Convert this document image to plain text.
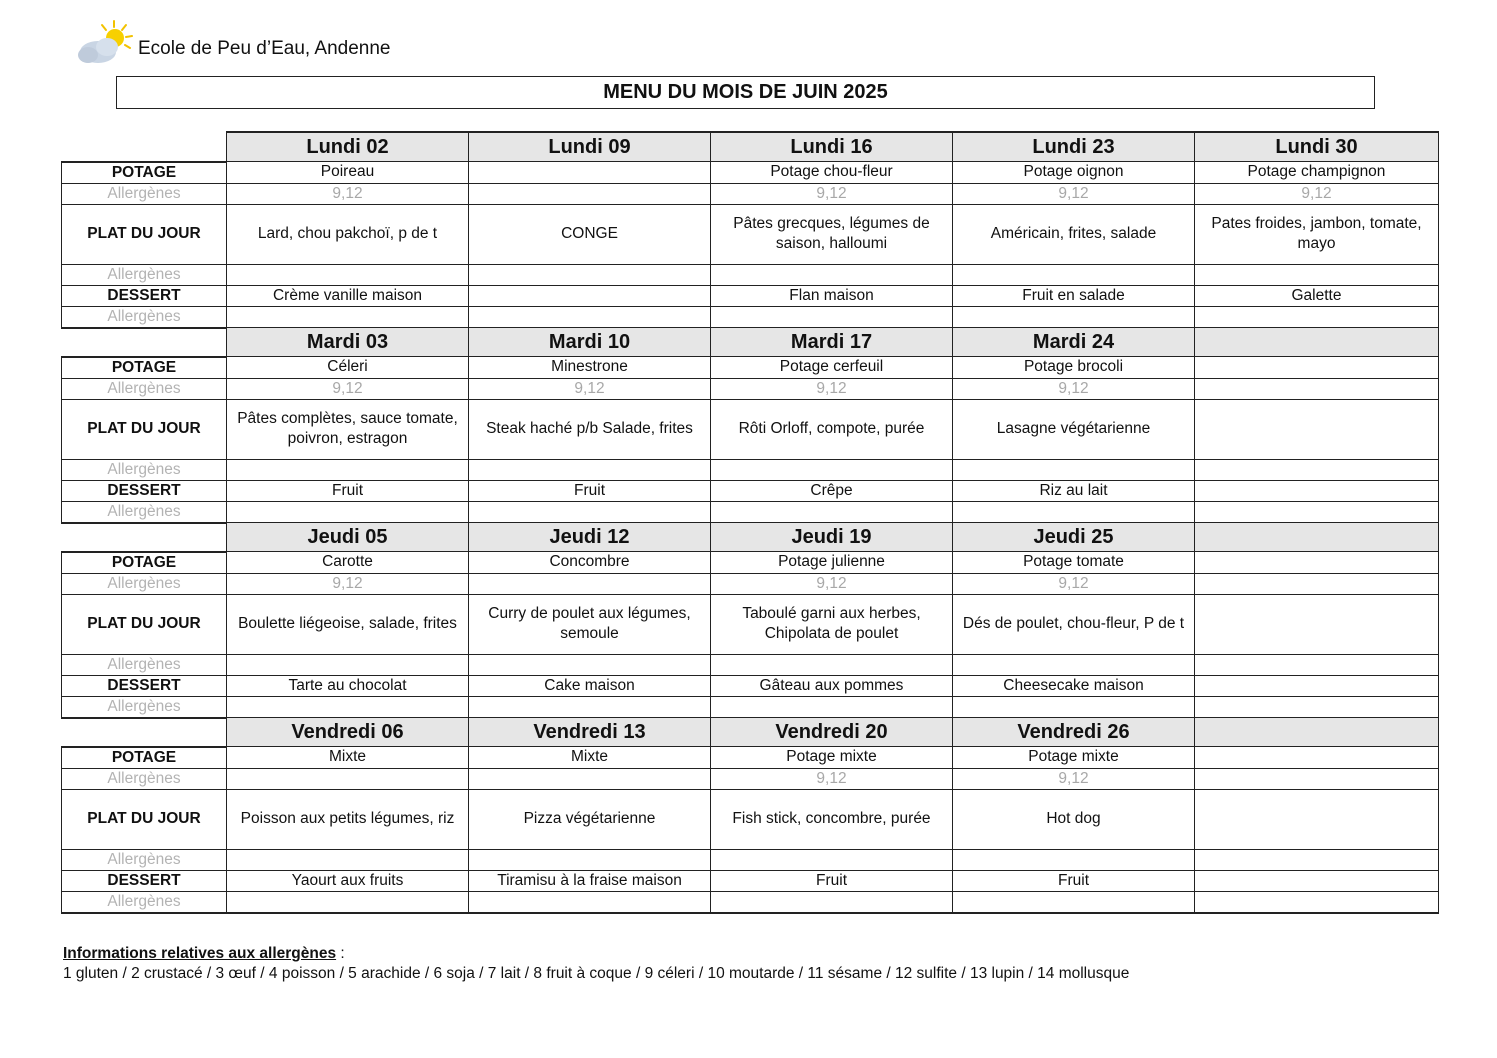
Ecole de Peu d’Eau, Andenne
MENU DU MOIS DE JUIN 2025
	Lundi 02	Lundi 09	Lundi 16	Lundi 23	Lundi 30
POTAGE	Poireau		Potage chou-fleur	Potage oignon	Potage champignon
Allergènes	9,12		9,12	9,12	9,12
PLAT DU JOUR	Lard, chou pakchoï, p de t	CONGE	Pâtes grecques, légumes de saison, halloumi	Américain, frites, salade	Pates froides, jambon, tomate, mayo
Allergènes					
DESSERT	Crème vanille maison		Flan maison	Fruit en salade	Galette
Allergènes					
	Mardi 03	Mardi 10	Mardi 17	Mardi 24	
POTAGE	Céleri	Minestrone	Potage cerfeuil	Potage brocoli	
Allergènes	9,12	9,12	9,12	9,12	
PLAT DU JOUR	Pâtes complètes, sauce tomate, poivron, estragon	Steak haché p/b Salade, frites	Rôti Orloff, compote, purée	Lasagne végétarienne	
Allergènes					
DESSERT	Fruit	Fruit	Crêpe	Riz au lait	
Allergènes					
	Jeudi 05	Jeudi 12	Jeudi 19	Jeudi 25	
POTAGE	Carotte	Concombre	Potage julienne	Potage tomate	
Allergènes	9,12		9,12	9,12	
PLAT DU JOUR	Boulette liégeoise, salade, frites	Curry de poulet aux légumes, semoule	Taboulé garni aux herbes, Chipolata de poulet	Dés de poulet, chou-fleur, P de t	
Allergènes					
DESSERT	Tarte au chocolat	Cake maison	Gâteau aux pommes	Cheesecake maison	
Allergènes					
	Vendredi 06	Vendredi 13	Vendredi 20	Vendredi 26	
POTAGE	Mixte	Mixte	Potage mixte	Potage mixte	
Allergènes			9,12	9,12	
PLAT DU JOUR	Poisson aux petits légumes, riz	Pizza végétarienne	Fish stick, concombre, purée	Hot dog	
Allergènes					
DESSERT	Yaourt aux fruits	Tiramisu à la fraise maison	Fruit	Fruit	
Allergènes					
Informations relatives aux allergènes :
1 gluten / 2 crustacé / 3 œuf / 4 poisson / 5 arachide / 6 soja / 7 lait / 8 fruit à coque / 9 céleri / 10 moutarde / 11 sésame / 12 sulfite / 13 lupin / 14 mollusque
